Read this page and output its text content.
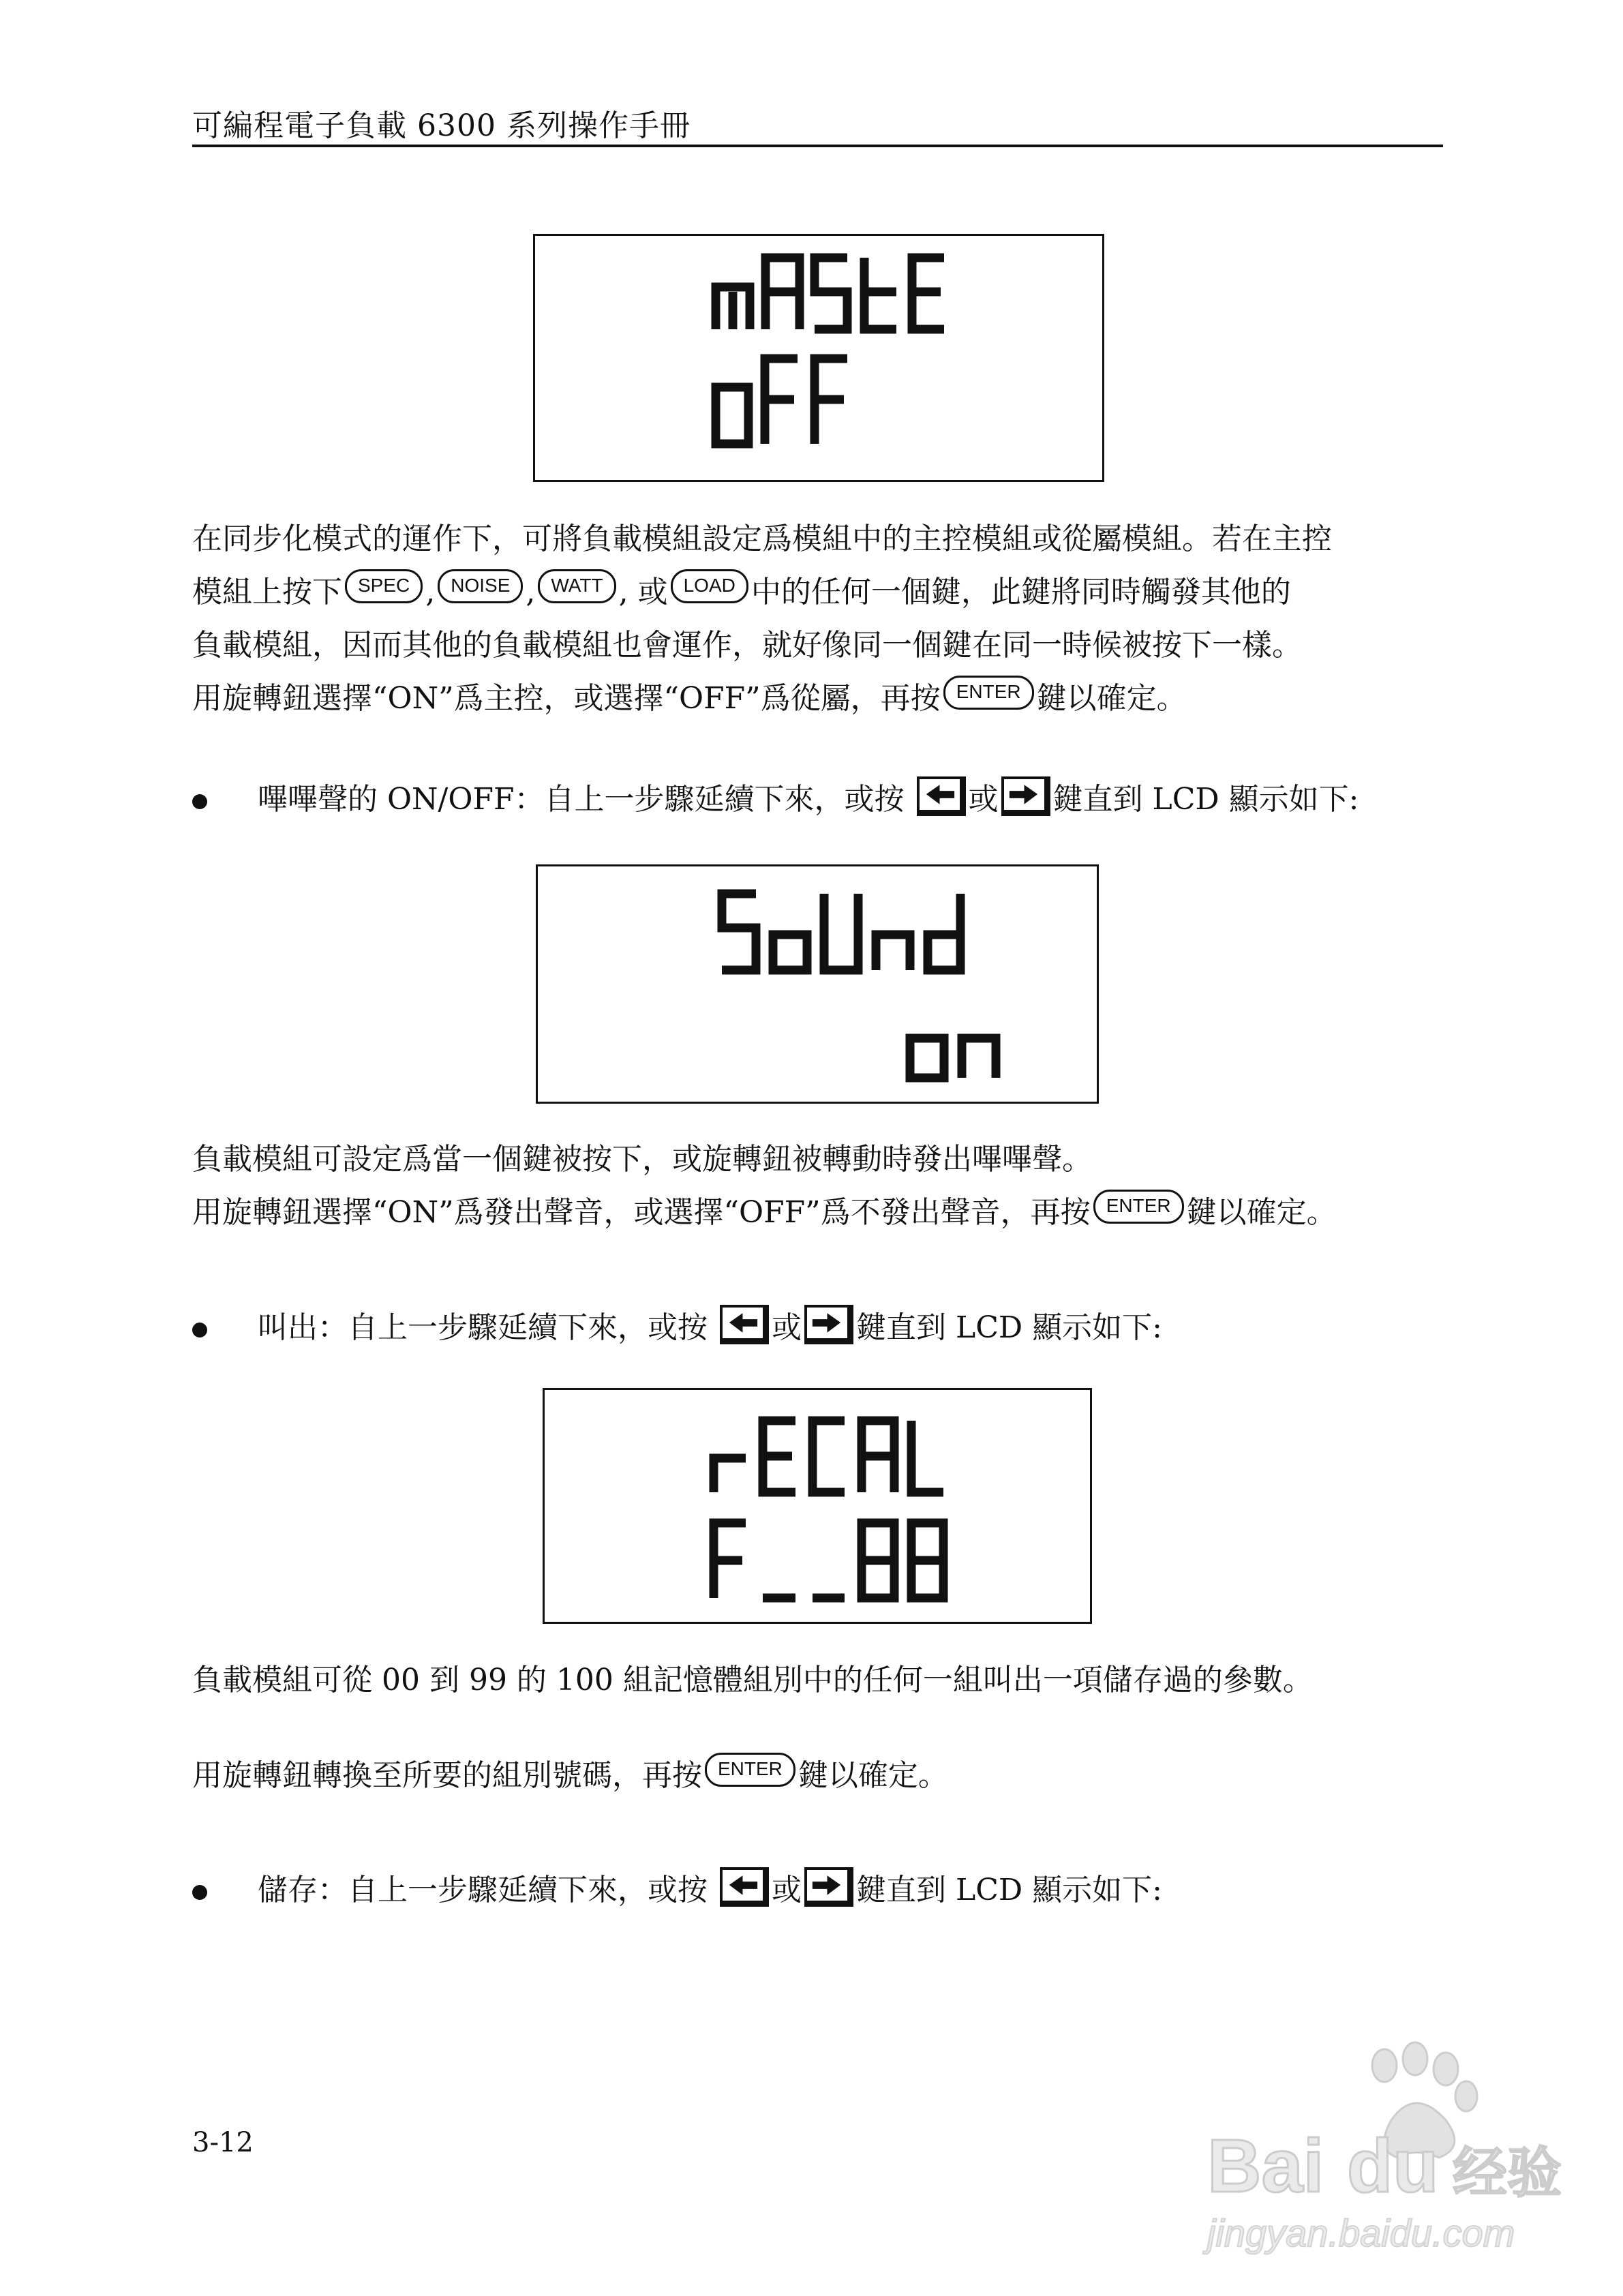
可編程電子負載 6300 系列操作手冊
在同步化模式的運作下，可將負載模組設定爲模組中的主控模組或從屬模組。若在主控
模組上按下 SPEC , NOISE , WATT , 或 LOAD 中的任何一個鍵，此鍵將同時觸發其他的
負載模組，因而其他的負載模組也會運作，就好像同一個鍵在同一時候被按下一樣。
用旋轉鈕選擇“ON”爲主控，或選擇“OFF”爲從屬，再按 ENTER 鍵以確定。
嗶嗶聲的 ON/OFF：自上一步驟延續下來，或按 或 鍵直到 LCD 顯示如下:
負載模組可設定爲當一個鍵被按下，或旋轉鈕被轉動時發出嗶嗶聲。
用旋轉鈕選擇“ON”爲發出聲音，或選擇“OFF”爲不發出聲音，再按 ENTER 鍵以確定。
叫出：自上一步驟延續下來，或按 或 鍵直到 LCD 顯示如下:
負載模組可從 00 到 99 的 100 組記憶體組別中的任何一組叫出一項儲存過的參數。
用旋轉鈕轉換至所要的組別號碼，再按 ENTER 鍵以確定。
儲存：自上一步驟延續下來，或按 或 鍵直到 LCD 顯示如下:
3-12	Bai du 经验
jingyan.baidu.com
